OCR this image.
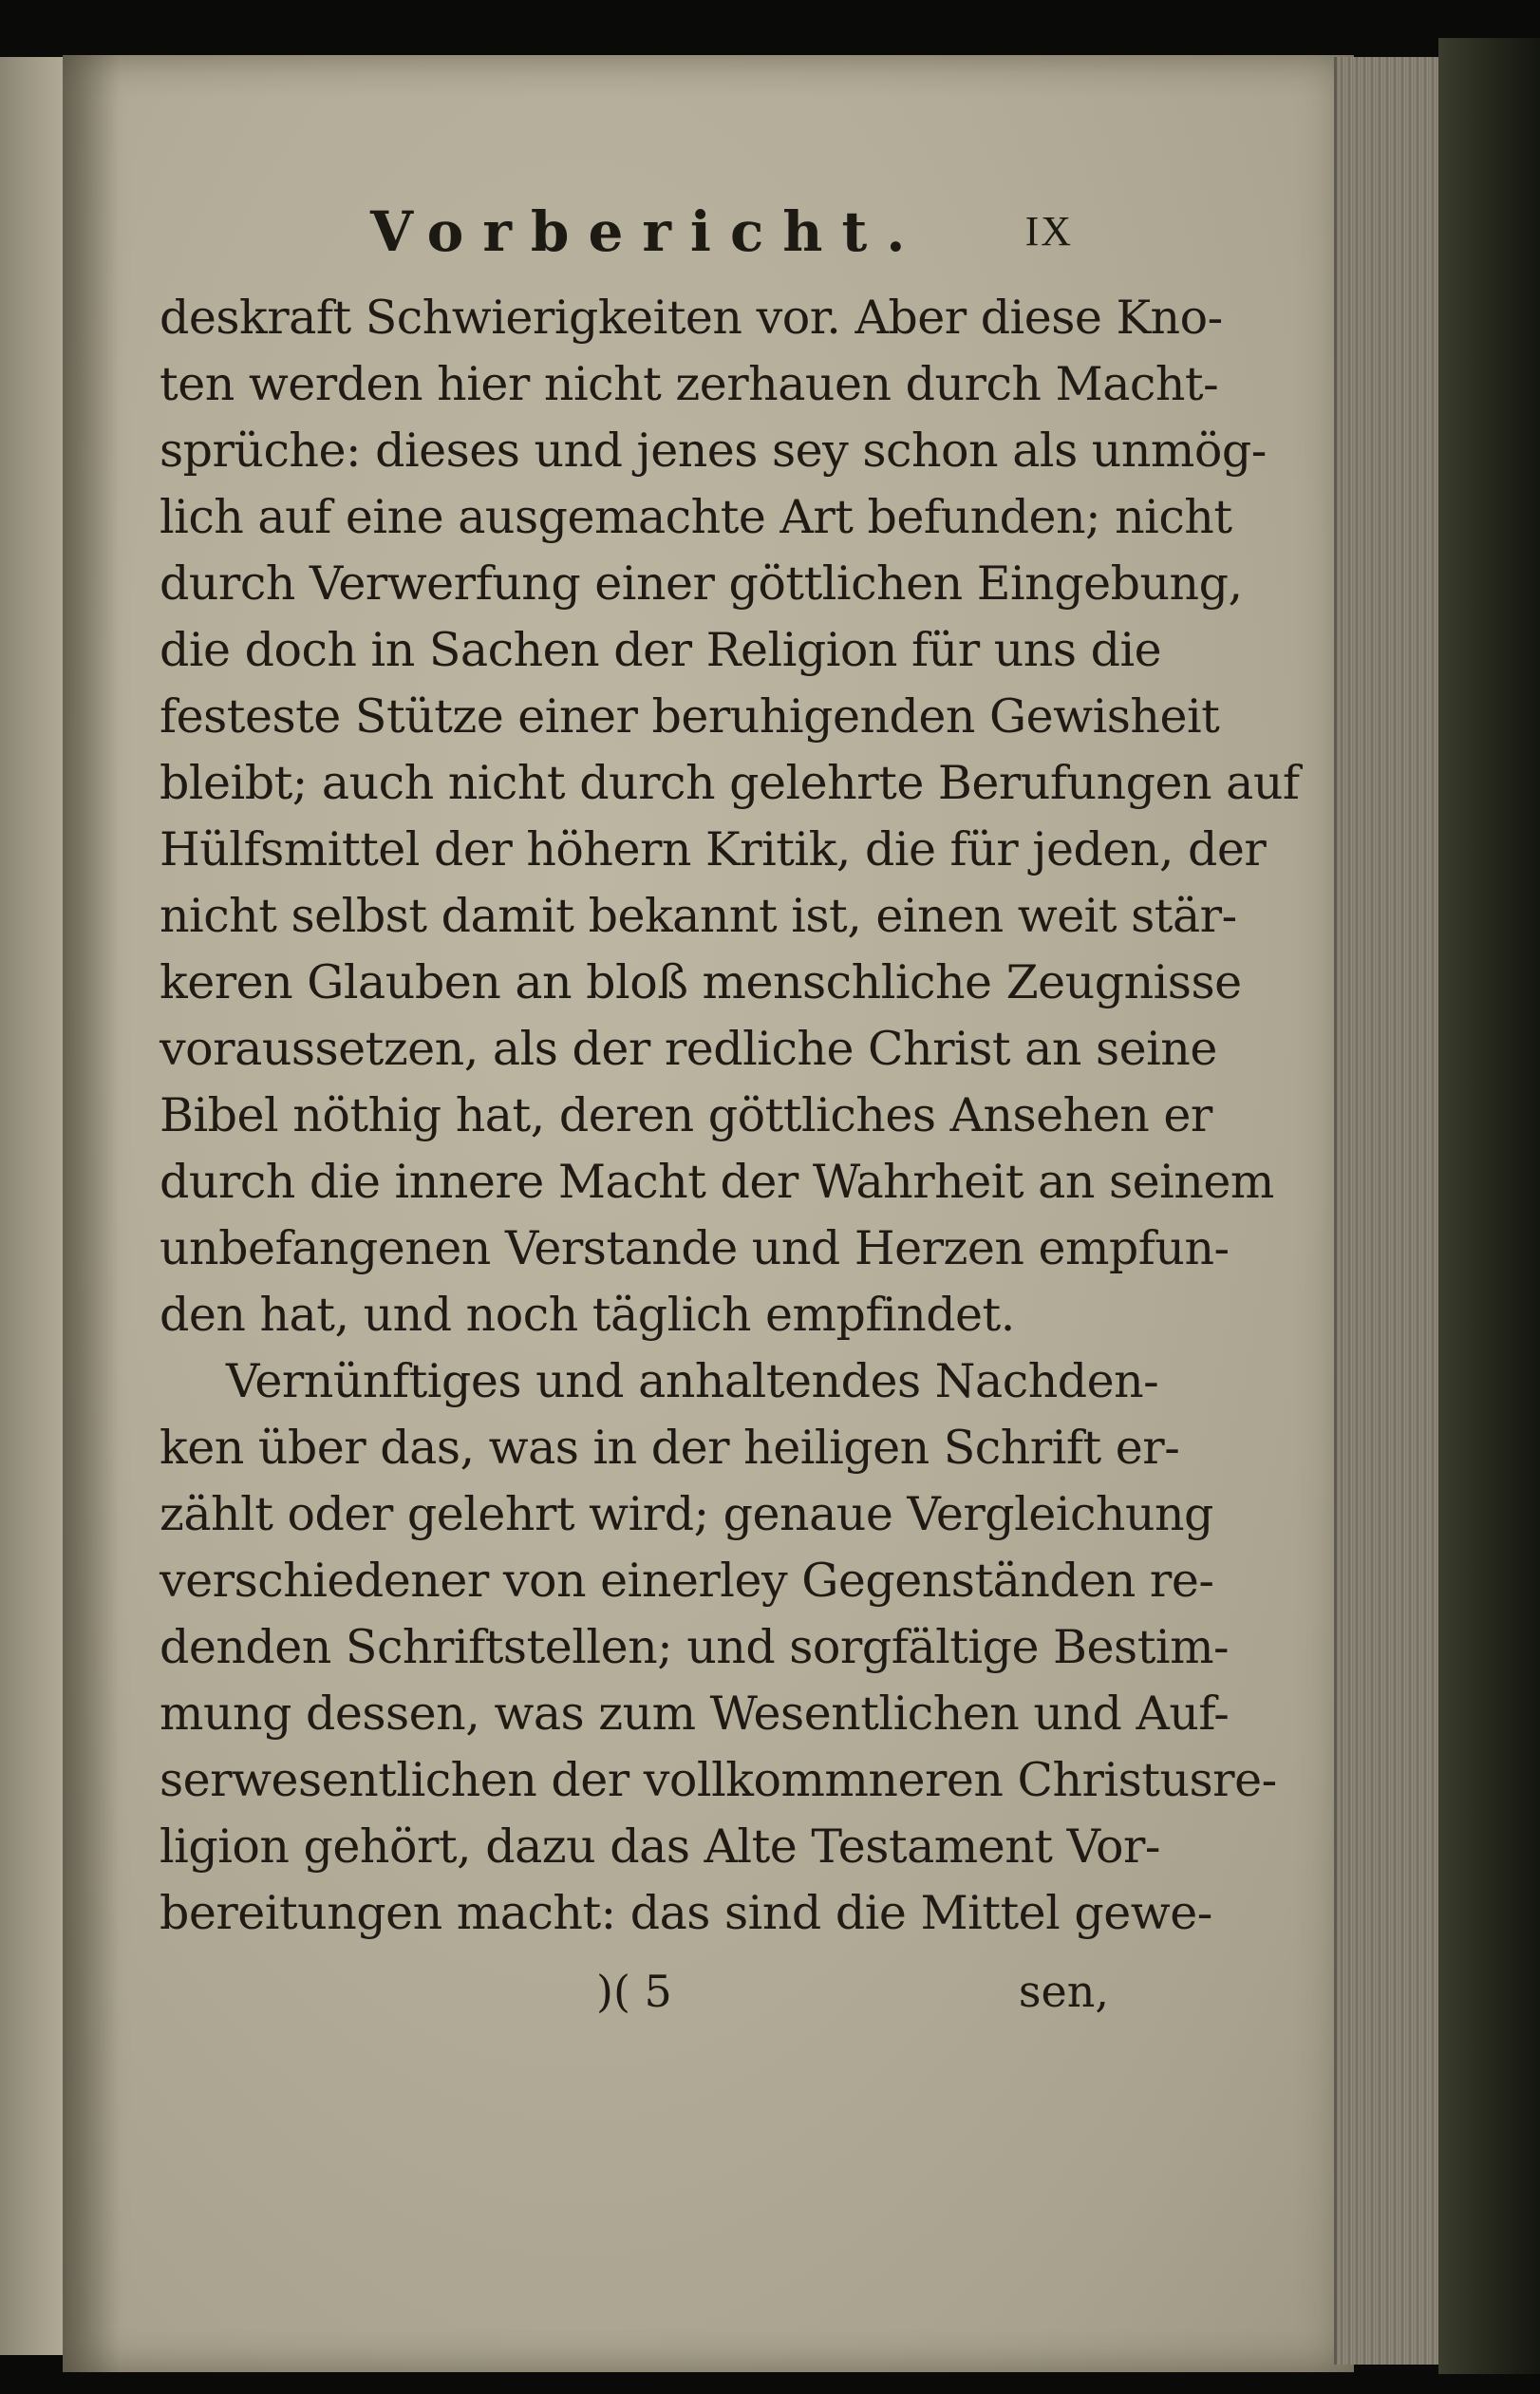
Vorbericht. IX
deskraft Schwierigkeiten vor. Aber diese Kno-
ten werden hier nicht zerhauen durch Macht-
sprüche: dieses und jenes sey schon als unmög-
lich auf eine ausgemachte Art befunden; nicht
durch Verwerfung einer göttlichen Eingebung,
die doch in Sachen der Religion für uns die
festeste Stütze einer beruhigenden Gewisheit
bleibt; auch nicht durch gelehrte Berufungen auf
Hülfsmittel der höhern Kritik, die für jeden, der
nicht selbst damit bekannt ist, einen weit stär-
keren Glauben an bloß menschliche Zeugnisse
voraussetzen, als der redliche Christ an seine
Bibel nöthig hat, deren göttliches Ansehen er
durch die innere Macht der Wahrheit an seinem
unbefangenen Verstande und Herzen empfun-
den hat, und noch täglich empfindet.
Vernünftiges und anhaltendes Nachden-
ken über das, was in der heiligen Schrift er-
zählt oder gelehrt wird; genaue Vergleichung
verschiedener von einerley Gegenständen re-
denden Schriftstellen; und sorgfältige Bestim-
mung dessen, was zum Wesentlichen und Auf-
serwesentlichen der vollkommneren Christusre-
ligion gehört, dazu das Alte Testament Vor-
bereitungen macht: das sind die Mittel gewe-
)( 5	sen,
